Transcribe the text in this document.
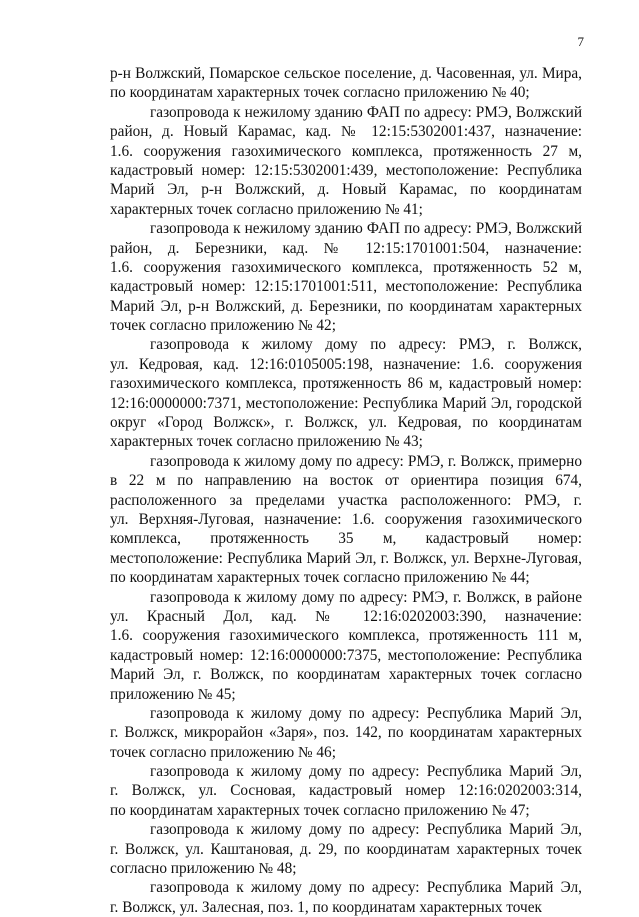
7
р-н Волжский, Помарское сельское поселение, д. Часовенная, ул. Мира,
по координатам характерных точек согласно приложению № 40;
газопровода к нежилому зданию ФАП по адресу: РМЭ, Волжский
район, д. Новый Карамас, кад. № 12:15:5302001:437, назначение:
1.6. сооружения газохимического комплекса, протяженность 27 м,
кадастровый номер: 12:15:5302001:439, местоположение: Республика
Марий Эл, р-н Волжский, д. Новый Карамас, по координатам
характерных точек согласно приложению № 41;
газопровода к нежилому зданию ФАП по адресу: РМЭ, Волжский
район, д. Березники, кад. № 12:15:1701001:504, назначение:
1.6. сооружения газохимического комплекса, протяженность 52 м,
кадастровый номер: 12:15:1701001:511, местоположение: Республика
Марий Эл, р-н Волжский, д. Березники, по координатам характерных
точек согласно приложению № 42;
газопровода к жилому дому по адресу: РМЭ, г. Волжск,
ул. Кедровая, кад. 12:16:0105005:198, назначение: 1.6. сооружения
газохимического комплекса, протяженность 86 м, кадастровый номер:
12:16:0000000:7371, местоположение: Республика Марий Эл, городской
округ «Город Волжск», г. Волжск, ул. Кедровая, по координатам
характерных точек согласно приложению № 43;
газопровода к жилому дому по адресу: РМЭ, г. Волжск, примерно
в 22 м по направлению на восток от ориентира позиция 674,
расположенного за пределами участка расположенного: РМЭ, г.
ул. Верхняя-Луговая, назначение: 1.6. сооружения газохимического
комплекса, протяженность 35 м, кадастровый номер:
местоположение: Республика Марий Эл, г. Волжск, ул. Верхне-Луговая,
по координатам характерных точек согласно приложению № 44;
газопровода к жилому дому по адресу: РМЭ, г. Волжск, в районе
ул. Красный Дол, кад. № 12:16:0202003:390, назначение:
1.6. сооружения газохимического комплекса, протяженность 111 м,
кадастровый номер: 12:16:0000000:7375, местоположение: Республика
Марий Эл, г. Волжск, по координатам характерных точек согласно
приложению № 45;
газопровода к жилому дому по адресу: Республика Марий Эл,
г. Волжск, микрорайон «Заря», поз. 142, по координатам характерных
точек согласно приложению № 46;
газопровода к жилому дому по адресу: Республика Марий Эл,
г. Волжск, ул. Сосновая, кадастровый номер 12:16:0202003:314,
по координатам характерных точек согласно приложению № 47;
газопровода к жилому дому по адресу: Республика Марий Эл,
г. Волжск, ул. Каштановая, д. 29, по координатам характерных точек
согласно приложению № 48;
газопровода к жилому дому по адресу: Республика Марий Эл,
г. Волжск, ул. Залесная, поз. 1, по координатам характерных точек
